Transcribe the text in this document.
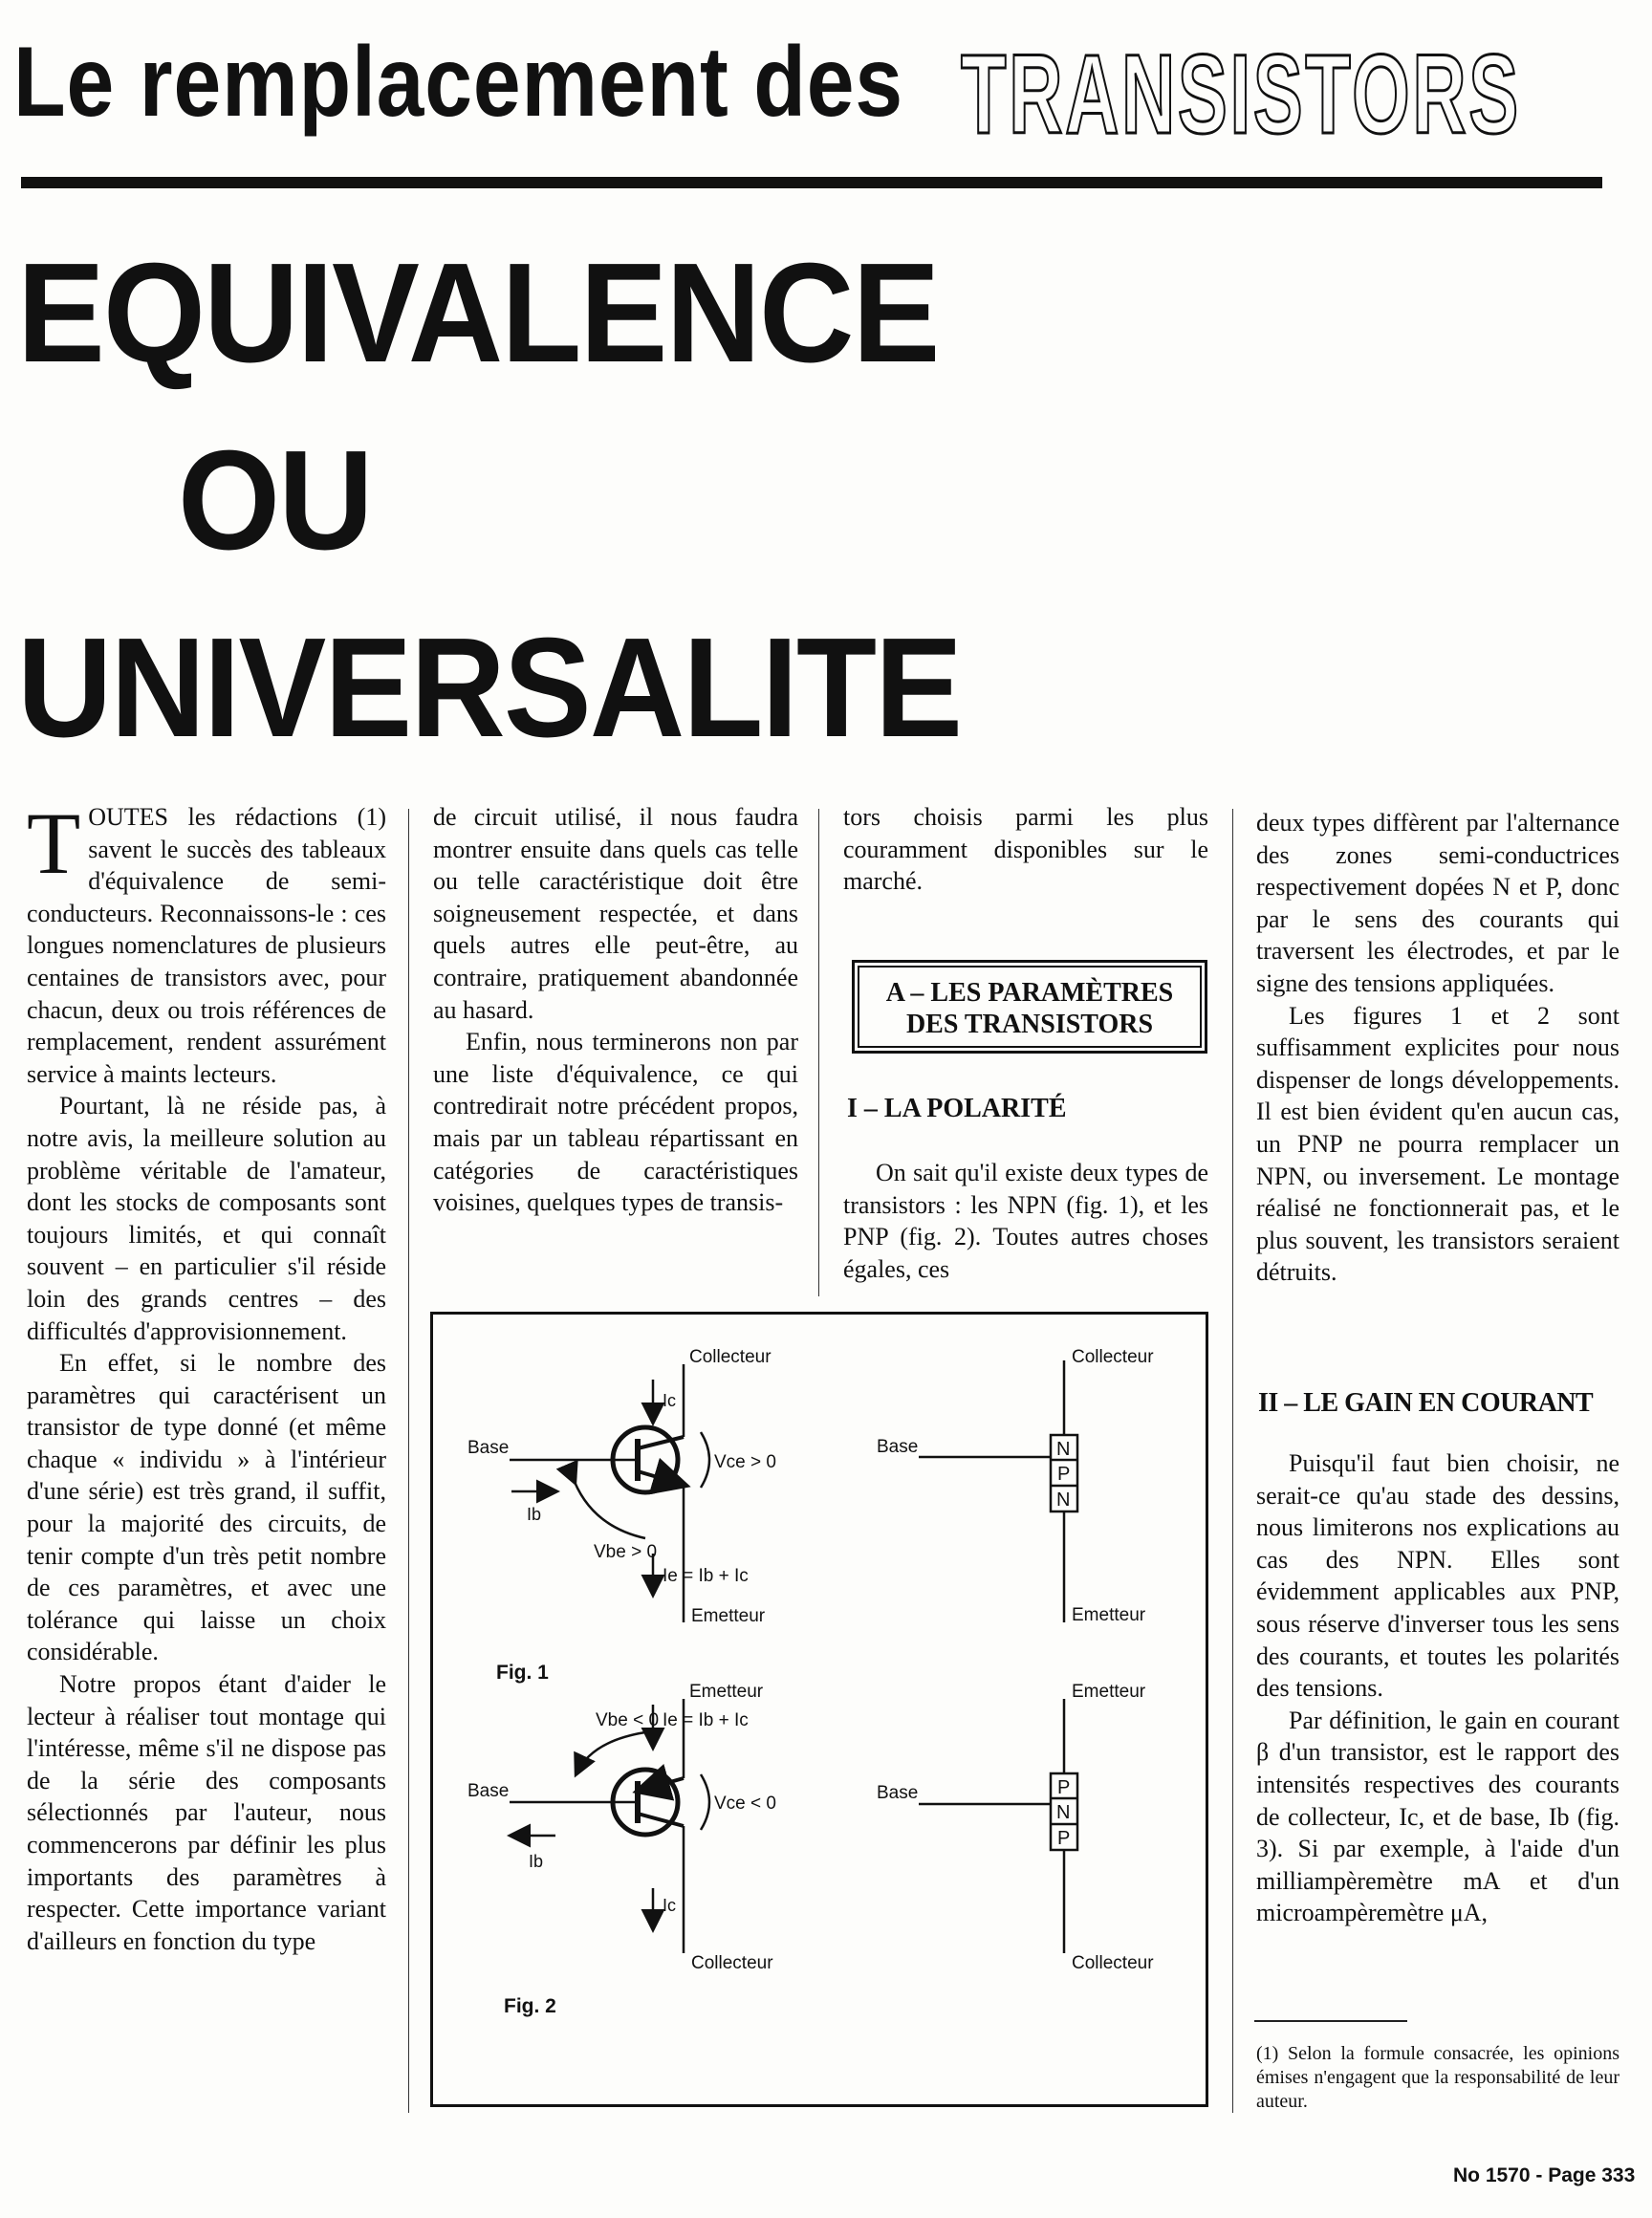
Le remplacement des TRANSISTORS
EQUIVALENCE
OU
UNIVERSALITE

TOUTES les rédactions (1) savent le succès des tableaux d'équivalence de semi-conducteurs. Reconnaissons-le : ces longues nomenclatures de plusieurs centaines de transistors avec, pour chacun, deux ou trois références de remplacement, rendent assurément service à maints lecteurs.

Pourtant, là ne réside pas, à notre avis, la meilleure solution au problème véritable de l'amateur, dont les stocks de composants sont toujours limités, et qui connaît souvent – en particulier s'il réside loin des grands centres – des difficultés d'approvisionnement.

En effet, si le nombre des paramètres qui caractérisent un transistor de type donné (et même chaque « individu » à l'intérieur d'une série) est très grand, il suffit, pour la majorité des circuits, de tenir compte d'un très petit nombre de ces paramètres, et avec une tolérance qui laisse un choix considérable.

Notre propos étant d'aider le lecteur à réaliser tout montage qui l'intéresse, même s'il ne dispose pas de la série des composants sélectionnés par l'auteur, nous commencerons par définir les plus importants des paramètres à respecter. Cette importance variant d'ailleurs en fonction du type

de circuit utilisé, il nous faudra montrer ensuite dans quels cas telle ou telle caractéristique doit être soigneusement respectée, et dans quels autres elle peut-être, au contraire, pratiquement abandonnée au hasard.

Enfin, nous terminerons non par une liste d'équivalence, ce qui contredirait notre précédent propos, mais par un tableau répartissant en catégories de caractéristiques voisines, quelques types de transis-

tors choisis parmi les plus couramment disponibles sur le marché.

A – LES PARAMÈTRES
DES TRANSISTORS
I – LA POLARITÉ

On sait qu'il existe deux types de transistors : les NPN (fig. 1), et les PNP (fig. 2). Toutes autres choses égales, ces

deux types diffèrent par l'alternance des zones semi-conductrices respectivement dopées N et P, donc par le sens des courants qui traversent les électrodes, et par le signe des tensions appliquées.

Les figures 1 et 2 sont suffisamment explicites pour nous dispenser de longs développements. Il est bien évident qu'en aucun cas, un PNP ne pourra remplacer un NPN, ou inversement. Le montage réalisé ne fonctionnerait pas, et le plus souvent, les transistors seraient détruits.

II – LE GAIN EN COURANT

Puisqu'il faut bien choisir, ne serait-ce qu'au stade des dessins, nous limiterons nos explications au cas des NPN. Elles sont évidemment applicables aux PNP, sous réserve d'inverser tous les sens des courants, et toutes les polarités des tensions.

Par définition, le gain en courant β d'un transistor, est le rapport des intensités respectives des courants de collecteur, Ic, et de base, Ib (fig. 3). Si par exemple, à l'aide d'un milliampèremètre mA et d'un microampèremètre μA,

Collecteur
Ic
Base
Ib
Vce > 0
Vbe > 0
Ie = Ib + Ic
Emetteur
Fig. 1
Collecteur
Base	N
P
N
Emetteur
Emetteur
Vbe < 0 Ie = Ib + Ic
Base
Vce < 0
Ib
Ic
Collecteur
Fig. 2
Emetteur
Base	P
N
P
Collecteur
(1) Selon la formule consacrée, les opinions émises n'engagent que la responsabilité de leur auteur.
No 1570 - Page 333
